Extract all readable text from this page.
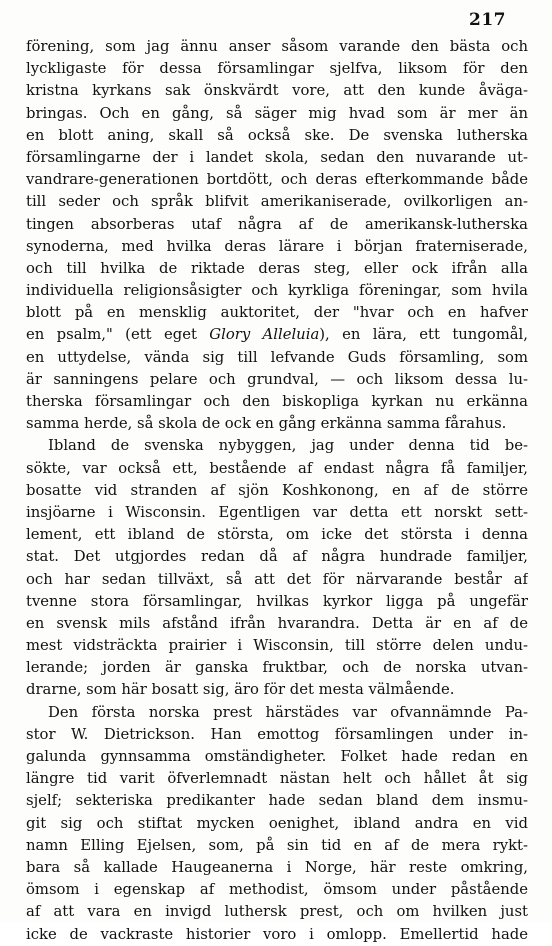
217
förening, som jag ännu anser såsom varande den bästa och
lyckligaste för dessa församlingar sjelfva, liksom för den
kristna kyrkans sak önskvärdt vore, att den kunde åväga-
bringas. Och en gång, så säger mig hvad som är mer än
en blott aning, skall så också ske. De svenska lutherska
församlingarne der i landet skola, sedan den nuvarande ut-
vandrare-generationen bortdött, och deras efterkommande både
till seder och språk blifvit amerikaniserade, ovilkorligen an-
tingen absorberas utaf några af de amerikansk-lutherska
synoderna, med hvilka deras lärare i början fraterniserade,
och till hvilka de riktade deras steg, eller ock ifrån alla
individuella religionsåsigter och kyrkliga föreningar, som hvila
blott på en mensklig auktoritet, der "hvar och en hafver
en psalm," (ett eget Glory Alleluia), en lära, ett tungomål,
en uttydelse, vända sig till lefvande Guds församling, som
är sanningens pelare och grundval, — och liksom dessa lu-
therska församlingar och den biskopliga kyrkan nu erkänna
samma herde, så skola de ock en gång erkänna samma fårahus.
Ibland de svenska nybyggen, jag under denna tid be-
sökte, var också ett, bestående af endast några få familjer,
bosatte vid stranden af sjön Koshkonong, en af de större
insjöarne i Wisconsin. Egentligen var detta ett norskt sett-
lement, ett ibland de största, om icke det största i denna
stat. Det utgjordes redan då af några hundrade familjer,
och har sedan tillväxt, så att det för närvarande består af
tvenne stora församlingar, hvilkas kyrkor ligga på ungefär
en svensk mils afstånd ifrån hvarandra. Detta är en af de
mest vidsträckta prairier i Wisconsin, till större delen undu-
lerande; jorden är ganska fruktbar, och de norska utvan-
drarne, som här bosatt sig, äro för det mesta välmående.
Den första norska prest härstädes var ofvannämnde Pa-
stor W. Dietrickson. Han emottog församlingen under in-
galunda gynnsamma omständigheter. Folket hade redan en
längre tid varit öfverlemnadt nästan helt och hållet åt sig
sjelf; sekteriska predikanter hade sedan bland dem insmu-
git sig och stiftat mycken oenighet, ibland andra en vid
namn Elling Ejelsen, som, på sin tid en af de mera rykt-
bara så kallade Haugeanerna i Norge, här reste omkring,
ömsom i egenskap af methodist, ömsom under påstående
af att vara en invigd luthersk prest, och om hvilken just
icke de vackraste historier voro i omlopp. Emellertid hade
